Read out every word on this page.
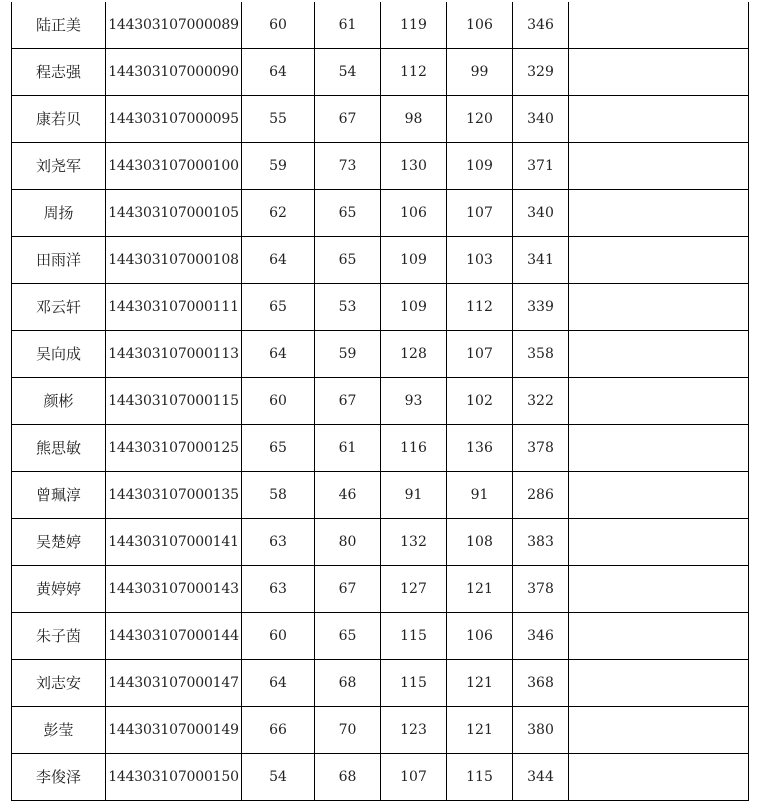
陆正美	144303107000089	60	61	119	106	346	
程志强	144303107000090	64	54	112	99	329	
康若贝	144303107000095	55	67	98	120	340	
刘尧军	144303107000100	59	73	130	109	371	
周扬	144303107000105	62	65	106	107	340	
田雨洋	144303107000108	64	65	109	103	341	
邓云轩	144303107000111	65	53	109	112	339	
吴向成	144303107000113	64	59	128	107	358	
颜彬	144303107000115	60	67	93	102	322	
熊思敏	144303107000125	65	61	116	136	378	
曾珮淳	144303107000135	58	46	91	91	286	
吴楚婷	144303107000141	63	80	132	108	383	
黄婷婷	144303107000143	63	67	127	121	378	
朱子茵	144303107000144	60	65	115	106	346	
刘志安	144303107000147	64	68	115	121	368	
彭莹	144303107000149	66	70	123	121	380	
李俊泽	144303107000150	54	68	107	115	344	
